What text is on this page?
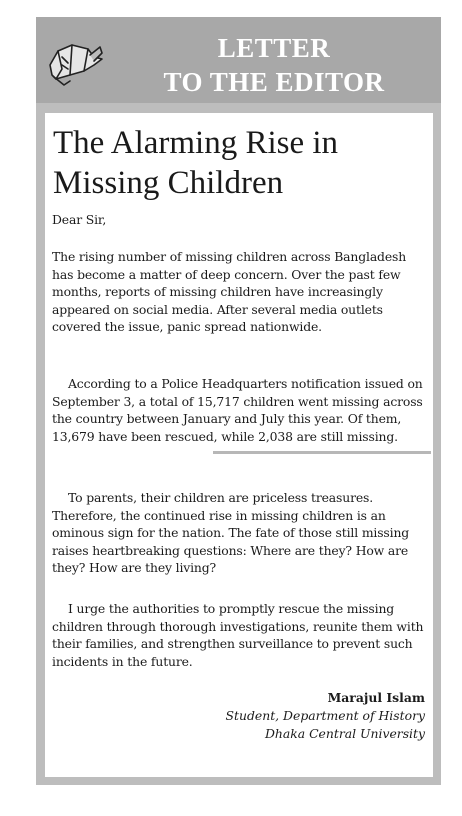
LETTER
TO THE EDITOR
The Alarming Rise in Missing Children

Dear Sir,

The rising number of missing children across Bangladesh has become a matter of deep concern. Over the past few months, reports of missing children have increasingly appeared on social media. After several media outlets covered the issue, panic spread nationwide.

According to a Police Headquarters notification issued on September 3, a total of 15,717 children went missing across the country between January and July this year. Of them, 13,679 have been rescued, while 2,038 are still missing.

To parents, their children are priceless treasures. Therefore, the continued rise in missing children is an ominous sign for the nation. The fate of those still missing raises heartbreaking questions: Where are they? How are they? How are they living?

I urge the authorities to promptly rescue the missing children through thorough investigations, reunite them with their families, and strengthen surveillance to prevent such incidents in the future.

Marajul Islam
Student, Department of History
Dhaka Central University
